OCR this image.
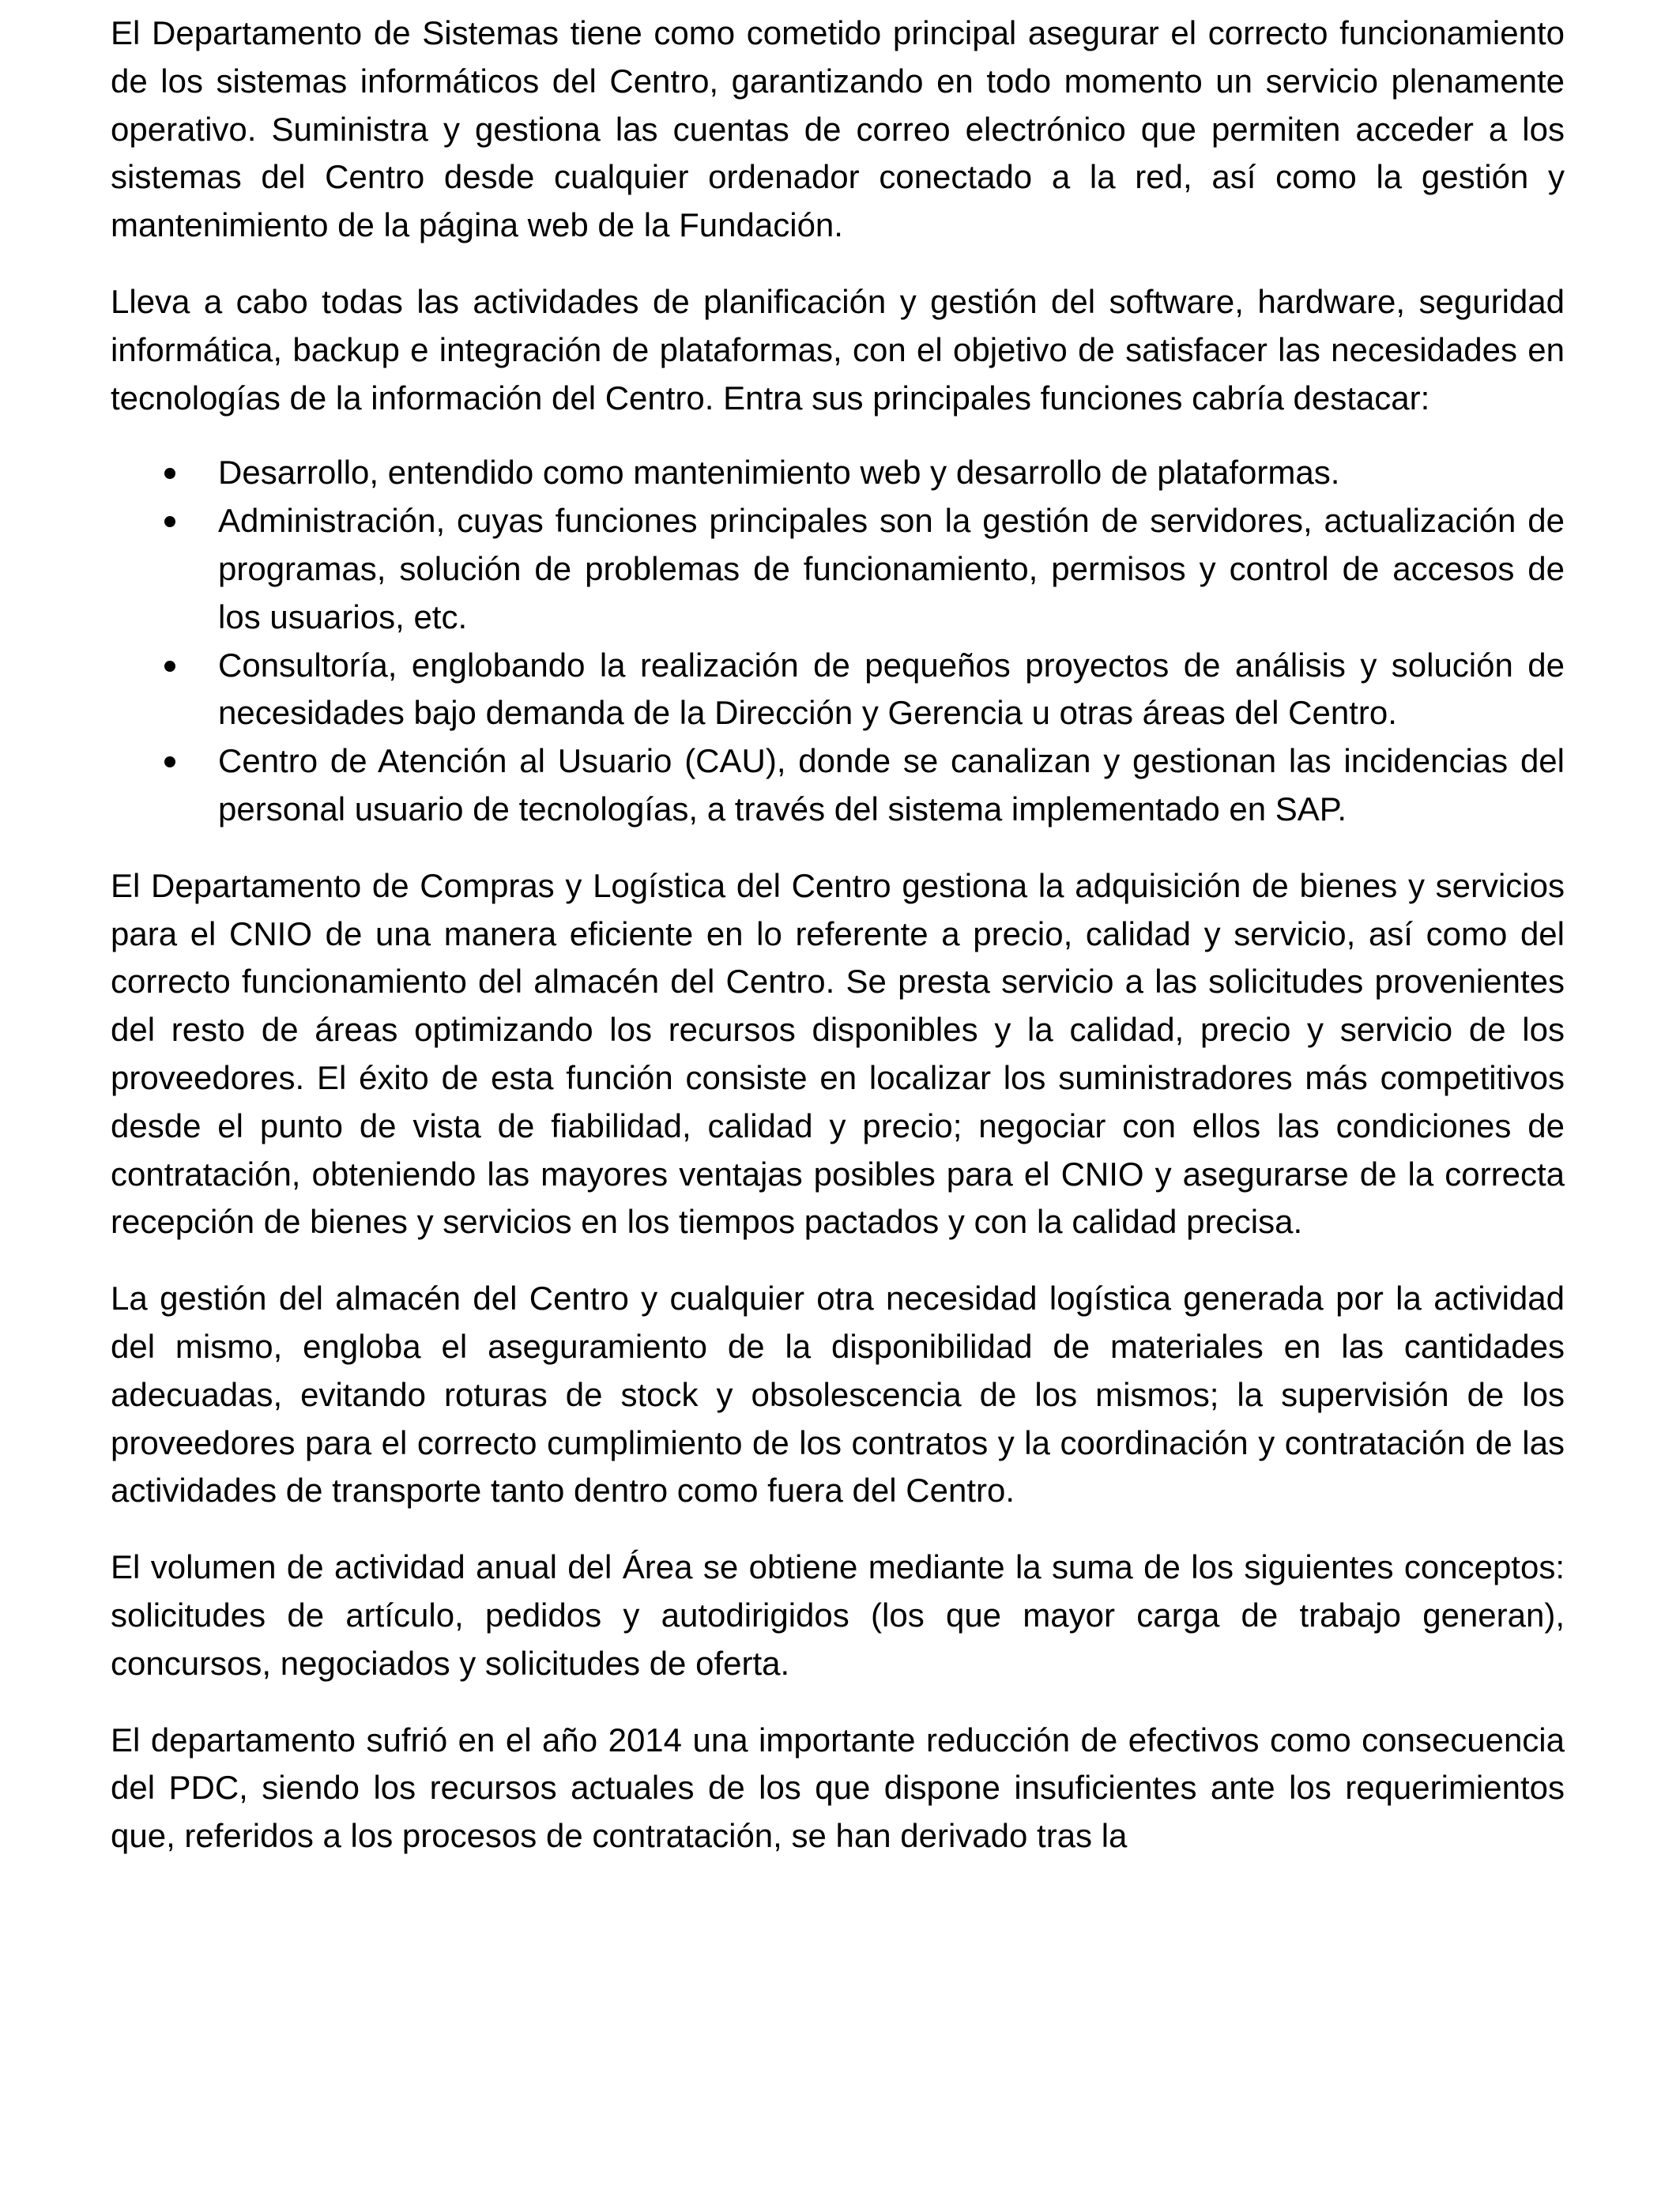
El Departamento de Sistemas tiene como cometido principal asegurar el correcto funcionamiento de los sistemas informáticos del Centro, garantizando en todo momento un servicio plenamente operativo. Suministra y gestiona las cuentas de correo electrónico que permiten acceder a los sistemas del Centro desde cualquier ordenador conectado a la red, así como la gestión y mantenimiento de la página web de la Fundación.

Lleva a cabo todas las actividades de planificación y gestión del software, hardware, seguridad informática, backup e integración de plataformas, con el objetivo de satisfacer las necesidades en tecnologías de la información del Centro. Entra sus principales funciones cabría destacar:

Desarrollo, entendido como mantenimiento web y desarrollo de plataformas.
Administración, cuyas funciones principales son la gestión de servidores, actualización de programas, solución de problemas de funcionamiento, permisos y control de accesos de los usuarios, etc.
Consultoría, englobando la realización de pequeños proyectos de análisis y solución de necesidades bajo demanda de la Dirección y Gerencia u otras áreas del Centro.
Centro de Atención al Usuario (CAU), donde se canalizan y gestionan las incidencias del personal usuario de tecnologías, a través del sistema implementado en SAP.

El Departamento de Compras y Logística del Centro gestiona la adquisición de bienes y servicios para el CNIO de una manera eficiente en lo referente a precio, calidad y servicio, así como del correcto funcionamiento del almacén del Centro. Se presta servicio a las solicitudes provenientes del resto de áreas optimizando los recursos disponibles y la calidad, precio y servicio de los proveedores. El éxito de esta función consiste en localizar los suministradores más competitivos desde el punto de vista de fiabilidad, calidad y precio; negociar con ellos las condiciones de contratación, obteniendo las mayores ventajas posibles para el CNIO y asegurarse de la correcta recepción de bienes y servicios en los tiempos pactados y con la calidad precisa.

La gestión del almacén del Centro y cualquier otra necesidad logística generada por la actividad del mismo, engloba el aseguramiento de la disponibilidad de materiales en las cantidades adecuadas, evitando roturas de stock y obsolescencia de los mismos; la supervisión de los proveedores para el correcto cumplimiento de los contratos y la coordinación y contratación de las actividades de transporte tanto dentro como fuera del Centro.

El volumen de actividad anual del Área se obtiene mediante la suma de los siguientes conceptos: solicitudes de artículo, pedidos y autodirigidos (los que mayor carga de trabajo generan), concursos, negociados y solicitudes de oferta.

El departamento sufrió en el año 2014 una importante reducción de efectivos como consecuencia del PDC, siendo los recursos actuales de los que dispone insuficientes ante los requerimientos que, referidos a los procesos de contratación, se han derivado tras la
